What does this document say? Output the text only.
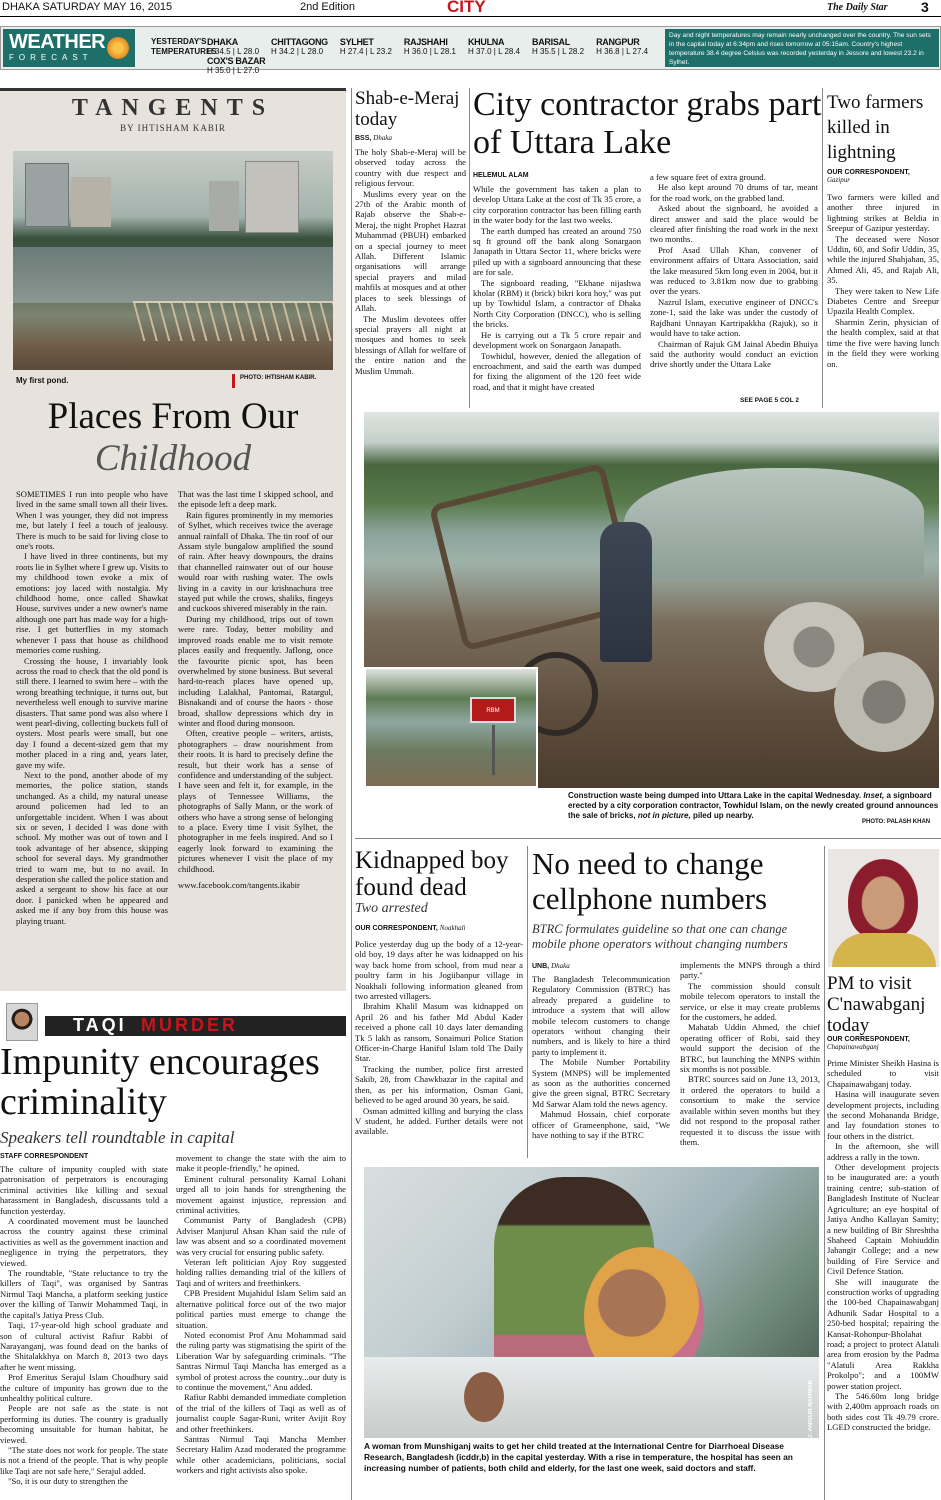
DHAKA SATURDAY MAY 16, 2015	2nd Edition	CITY	The Daily Star 3
WEATHER
FORECAST
YESTERDAY'S
TEMPERATURES
DHAKA
H 34.5 | L 28.0

CHITTAGONG
H 34.2 | L 28.0

SYLHET
H 27.4 | L 23.2

RAJSHAHI
H 36.0 | L 28.1

KHULNA
H 37.0 | L 28.4

BARISAL
H 35.5 | L 28.2

RANGPUR
H 36.8 | L 27.4

COX'S BAZAR
H 35.0 | L 27.0
Day and night temperatures may remain nearly unchanged over the country. The sun sets in the capital today at 6:34pm and rises tomorrow at 05:15am. Country's highest temperature 38.4 degree Celsius was recorded yesterday in Jessore and lowest 23.2 in Sylhet.
TANGENTS
BY IHTISHAM KABIR
My first pond.	PHOTO: IHTISHAM KABIR.
Places From Our
Childhood

SOMETIMES I run into people who have lived in the same small town all their lives. When I was younger, they did not impress me, but lately I feel a touch of jealousy. There is much to be said for living close to one's roots.

I have lived in three continents, but my roots lie in Sylhet where I grew up. Visits to my childhood town evoke a mix of emotions: joy laced with nostalgia. My childhood home, once called Shawkat House, survives under a new owner's name although one part has made way for a high-rise. I get butterflies in my stomach whenever I pass that house as childhood memories come rushing.

Crossing the house, I invariably look across the road to check that the old pond is still there. I learned to swim here – with the wrong breathing technique, it turns out, but nevertheless well enough to survive marine disasters. That same pond was also where I went pearl-diving, collecting buckets full of oysters. Most pearls were small, but one day I found a decent-sized gem that my mother placed in a ring and, years later, gave my wife.

Next to the pond, another abode of my memories, the police station, stands unchanged. As a child, my natural unease around policemen had led to an unforgettable incident. When I was about six or seven, I decided I was done with school. My mother was out of town and I took advantage of her absence, skipping school for several days. My grandmother tried to warn me, but to no avail. In desperation she called the police station and asked a sergeant to show his face at our door. I panicked when he appeared and asked me if any boy from this house was playing truant.

That was the last time I skipped school, and the episode left a deep mark.

Rain figures prominently in my memories of Sylhet, which receives twice the average annual rainfall of Dhaka. The tin roof of our Assam style bungalow amplified the sound of rain. After heavy downpours, the drains that channelled rainwater out of our house would roar with rushing water. The owls living in a cavity in our krishnachura tree stayed put while the crows, shaliks, fingeys and cuckoos shivered miserably in the rain.

During my childhood, trips out of town were rare. Today, better mobility and improved roads enable me to visit remote places easily and frequently. Jaflong, once the favourite picnic spot, has been overwhelmed by stone business. But several hard-to-reach places have opened up, including Lalakhal, Pantomai, Ratargul, Bisnakandi and of course the haors - those broad, shallow depressions which dry in winter and flood during monsoon.

Often, creative people – writers, artists, photographers – draw nourishment from their roots. It is hard to precisely define the result, but their work has a sense of confidence and understanding of the subject. I have seen and felt it, for example, in the plays of Tennessee Williams, the photographs of Sally Mann, or the work of others who have a strong sense of belonging to a place. Every time I visit Sylhet, the photographer in me feels inspired. And so I eagerly look forward to examining the pictures whenever I visit the place of my childhood.

www.facebook.com/tangents.ikabir

TAQI MURDER
Impunity encourages criminality
Speakers tell roundtable in capital
STAFF CORRESPONDENT

The culture of impunity coupled with state patronisation of perpetrators is encouraging criminal activities like killing and sexual harassment in Bangladesh, discussants told a function yesterday.

A coordinated movement must be launched across the country against these criminal activities as well as the government inaction and negligence in trying the perpetrators, they viewed.

The roundtable, "State reluctance to try the killers of Taqi", was organised by Santras Nirmul Taqi Mancha, a platform seeking justice over the killing of Tanwir Mohammed Taqi, in the capital's Jatiya Press Club.

Taqi, 17-year-old high school graduate and son of cultural activist Rafiur Rabbi of Narayanganj, was found dead on the banks of the Shitalakkhya on March 8, 2013 two days after he went missing.

Prof Emeritus Serajul Islam Choudhury said the culture of impunity has grown due to the unhealthy political culture.

People are not safe as the state is not performing its duties. The country is gradually becoming unsuitable for human habitat, he viewed.

"The state does not work for people. The state is not a friend of the people. That is why people like Taqi are not safe here," Serajul added.

"So, it is our duty to strengthen the

movement to change the state with the aim to make it people-friendly," he opined.

Eminent cultural personality Kamal Lohani urged all to join hands for strengthening the movement against injustice, repression and criminal activities.

Communist Party of Bangladesh (CPB) Adviser Manjurul Ahsan Khan said the rule of law was absent and so a coordinated movement was very crucial for ensuring public safety.

Veteran left politician Ajoy Roy suggested holding rallies demanding trial of the killers of Taqi and of writers and freethinkers.

CPB President Mujahidul Islam Selim said an alternative political force out of the two major political parties must emerge to change the situation.

Noted economist Prof Anu Mohammad said the ruling party was stigmatising the spirit of the Liberation War by safeguarding criminals. "The Santras Nirmul Taqi Mancha has emerged as a symbol of protest across the country...our duty is to continue the movement," Anu added.

Rafiur Rabbi demanded immediate completion of the trial of the killers of Taqi as well as of journalist couple Sagar-Runi, writer Avijit Roy and other freethinkers.

Santras Nirmul Taqi Mancha Member Secretary Halim Azad moderated the programme while other academicians, politicians, social workers and right activists also spoke.

Shab-e-Meraj today
BSS, Dhaka

The holy Shab-e-Meraj will be observed today across the country with due respect and religious fervour.

Muslims every year on the 27th of the Arabic month of Rajab observe the Shab-e-Meraj, the night Prophet Hazrat Muhammad (PBUH) embarked on a special journey to meet Allah. Different Islamic organisations will arrange special prayers and milad mahfils at mosques and at other places to seek blessings of Allah.

The Muslim devotees offer special prayers all night at mosques and homes to seek blessings of Allah for welfare of the entire nation and the Muslim Ummah.

City contractor grabs part of Uttara Lake
HELEMUL ALAM

While the government has taken a plan to develop Uttara Lake at the cost of Tk 35 crore, a city corporation contractor has been filling earth in the water body for the last two weeks.

The earth dumped has created an around 750 sq ft ground off the bank along Sonargaon Janapath in Uttara Sector 11, where bricks were piled up with a signboard announcing that these are for sale.

The signboard reading, "Ekhane nijashwa kholar (RBM) it (brick) bikri kora hoy," was put up by Towhidul Islam, a contractor of Dhaka North City Corporation (DNCC), who is selling the bricks.

He is carrying out a Tk 5 crore repair and development work on Sonargaon Janapath.

Towhidul, however, denied the allegation of encroachment, and said the earth was dumped for fixing the alignment of the 120 feet wide road, and that it might have created

a few square feet of extra ground.

He also kept around 70 drums of tar, meant for the road work, on the grabbed land.

Asked about the signboard, he avoided a direct answer and said the place would be cleared after finishing the road work in the next two months.

Prof Asad Ullah Khan, convener of environment affairs of Uttara Association, said the lake measured 5km long even in 2004, but it was reduced to 3.81km now due to grabbing over the years.

Nazrul Islam, executive engineer of DNCC's zone-1, said the lake was under the custody of Rajdhani Unnayan Kartripakkha (Rajuk), so it would have to take action.

Chairman of Rajuk GM Jainal Abedin Bhuiya said the authority would conduct an eviction drive shortly under the Uttara Lake

SEE PAGE 5 COL 2
Two farmers killed in lightning
OUR CORRESPONDENT,
Gazipur

Two farmers were killed and another three injured in lightning strikes at Beldia in Sreepur of Gazipur yesterday.

The deceased were Nosor Uddin, 60, and Sofir Uddin, 35, while the injured Shahjahan, 35, Ahmed Ali, 45, and Rajab Ali, 35.

They were taken to New Life Diabetes Centre and Sreepur Upazila Health Complex.

Sharmin Zerin, physician of the health complex, said at that time the five were having lunch in the field they were working on.

RBM
Construction waste being dumped into Uttara Lake in the capital Wednesday. Inset, a signboard erected by a city corporation contractor, Towhidul Islam, on the newly created ground announces the sale of bricks, not in picture, piled up nearby.
PHOTO: PALASH KHAN
Kidnapped boy found dead
Two arrested
OUR CORRESPONDENT, Noakhali

Police yesterday dug up the body of a 12-year-old boy, 19 days after he was kidnapped on his way back home from school, from mud near a poultry farm in his Jogiibanpur village in Noakhali following information gleaned from two arrested villagers.

Ibrahim Khalil Masum was kidnapped on April 26 and his father Md Abdul Kader received a phone call 10 days later demanding Tk 5 lakh as ransom, Sonaimuri Police Station Officer-in-Charge Haniful Islam told The Daily Star.

Tracking the number, police first arrested Sakib, 28, from Chawkbazar in the capital and then, as per his information, Osman Gani, believed to be aged around 30 years, he said.

Osman admitted killing and burying the class V student, he added. Further details were not available.

No need to change cellphone numbers
BTRC formulates guideline so that one can change mobile phone operators without changing numbers
UNB, Dhaka

The Bangladesh Telecommunication Regulatory Commission (BTRC) has already prepared a guideline to introduce a system that will allow mobile telecom customers to change operators without changing their numbers, and is likely to hire a third party to implement it.

The Mobile Number Portability System (MNPS) will be implemented as soon as the authorities concerned give the green signal, BTRC Secretary Md Sarwar Alam told the news agency.

Mahmud Hossain, chief corporate officer of Grameenphone, said, "We have nothing to say if the BTRC

implements the MNPS through a third party."

The commission should consult mobile telecom operators to install the service, or else it may create problems for the customers, he added.

Mahatab Uddin Ahmed, the chief operating officer of Robi, said they would support the decision of the BTRC, but launching the MNPS within six months is not possible.

BTRC sources said on June 13, 2013, it ordered the operators to build a consortium to make the service available within seven months but they did not respond to the proposal rather requested it to discuss the issue with them.

PM to visit C'nawabganj today
OUR CORRESPONDENT,
Chapainawabganj

Prime Minister Sheikh Hasina is scheduled to visit Chapainawabganj today.

Hasina will inaugurate seven development projects, including the second Mohananda Bridge, and lay foundation stones to four others in the district.

In the afternoon, she will address a rally in the town.

Other development projects to be inaugurated are: a youth training centre; sub-station of Bangladesh Institute of Nuclear Agriculture; an eye hospital of Jatiya Andho Kallayan Samity; a new building of Bir Shreshtha Shaheed Captain Mohiuddin Jahangir College; and a new building of Fire Service and Civil Defence Station.

She will inaugurate the construction works of upgrading the 100-bed Chapainawabganj Adhunik Sadar Hospital to a 250-bed hospital; repairing the Kansat-Rohonpur-Bholahat road; a project to protect Alatuli area from erosion by the Padma "Alatuli Area Rakkha Prokolpo"; and a 100MW power station project.

The 546.60m long bridge with 2,400m approach roads on both sides cost Tk 49.79 crore. LGED constructed the bridge.

PHOTO: ANISUR RAHMAN
A woman from Munshiganj waits to get her child treated at the International Centre for Diarrhoeal Disease Research, Bangladesh (icddr,b) in the capital yesterday. With a rise in temperature, the hospital has seen an increasing number of patients, both child and elderly, for the last one week, said doctors and staff.
